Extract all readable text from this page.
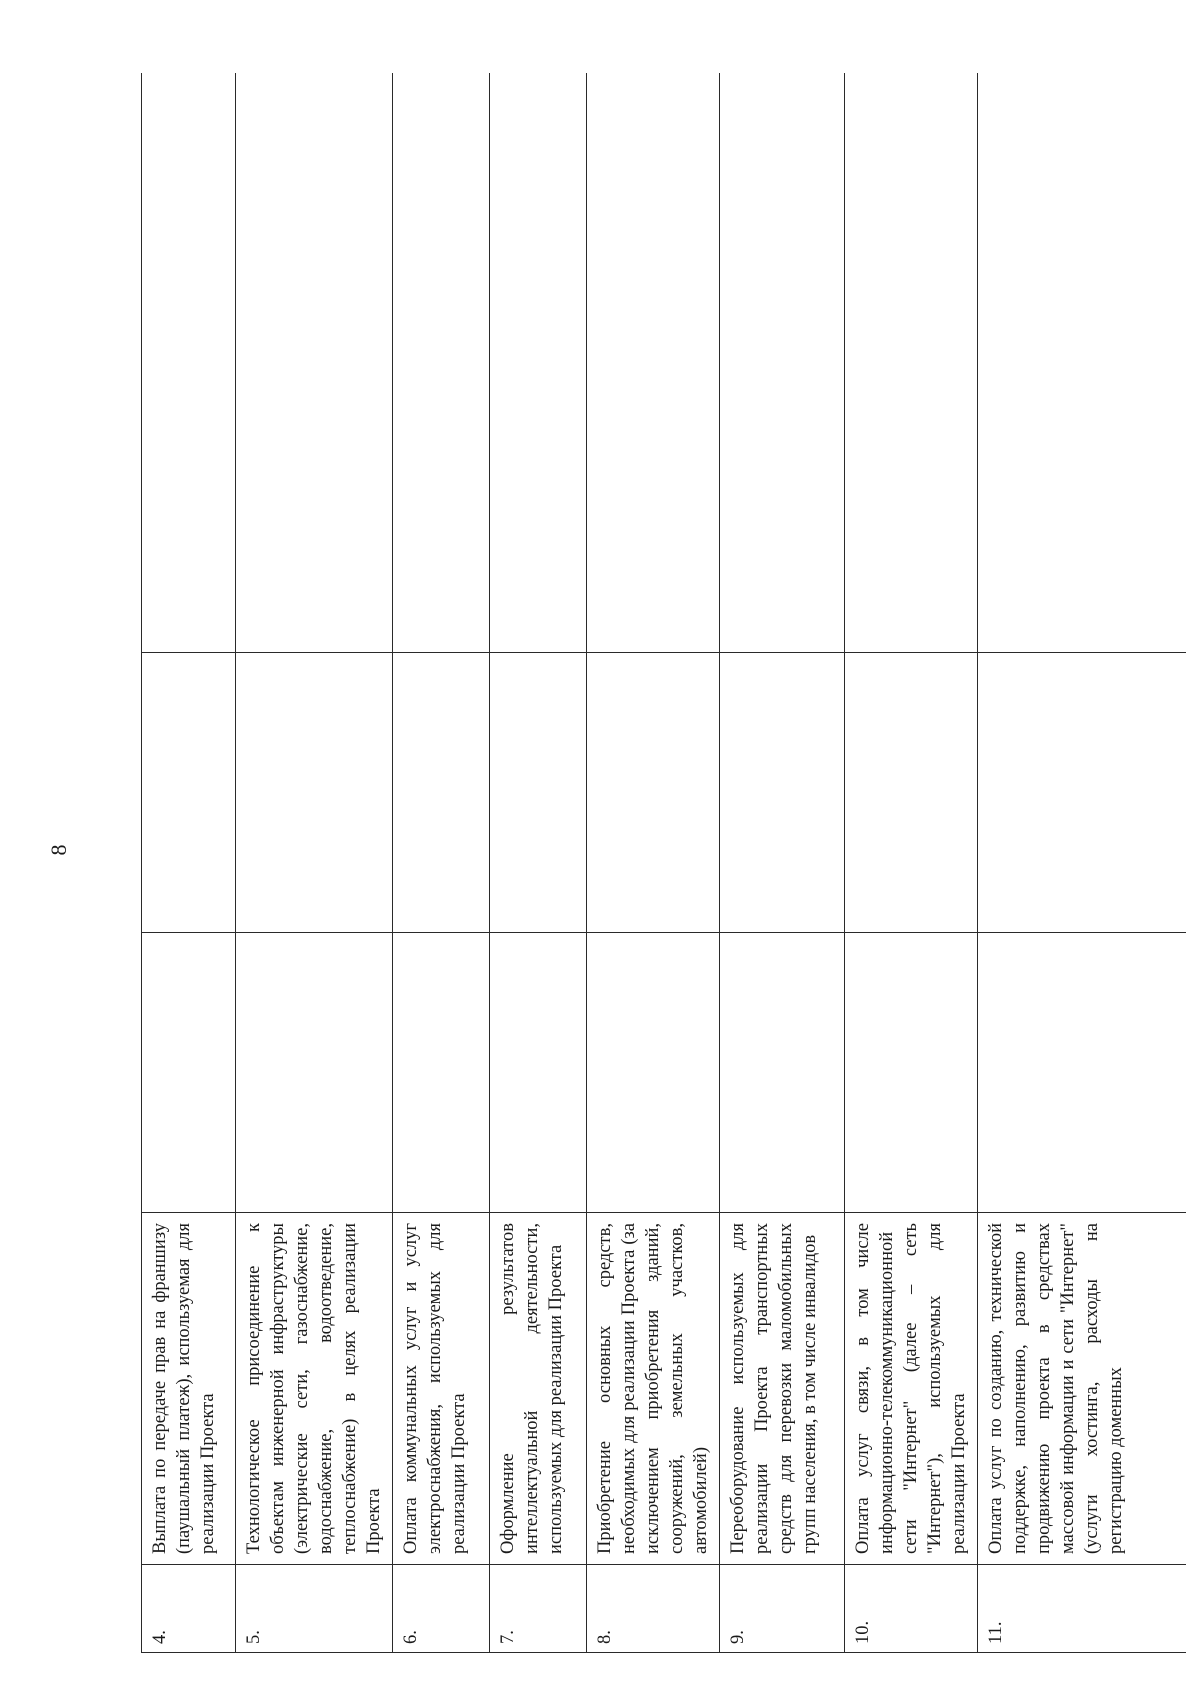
8
4.	Выплата по передаче прав на франшизу (паушальный платеж), используемая для реализации Проекта			
5.	Технологическое присоединение к объектам инженерной инфраструктуры (электрические сети, газоснабжение, водоснабжение, водоотведение, теплоснабжение) в целях реализации Проекта			
6.	Оплата коммунальных услуг и услуг электроснабжения, используемых для реализации Проекта			
7.	Оформление результатов интеллектуальной деятельности, используемых для реализации Проекта			
8.	Приобретение основных средств, необходимых для реализации Проекта (за исключением приобретения зданий, сооружений, земельных участков, автомобилей)			
9.	Переоборудование используемых для реализации Проекта транспортных средств для перевозки маломобильных групп населения, в том числе инвалидов			
10.	Оплата услуг связи, в том числе информационно-телекоммуникационной сети "Интернет" (далее – сеть "Интернет"), используемых для реализации Проекта			
11.	Оплата услуг по созданию, технической поддержке, наполнению, развитию и продвижению проекта в средствах массовой информации и сети "Интернет" (услуги хостинга, расходы на регистрацию доменных			
